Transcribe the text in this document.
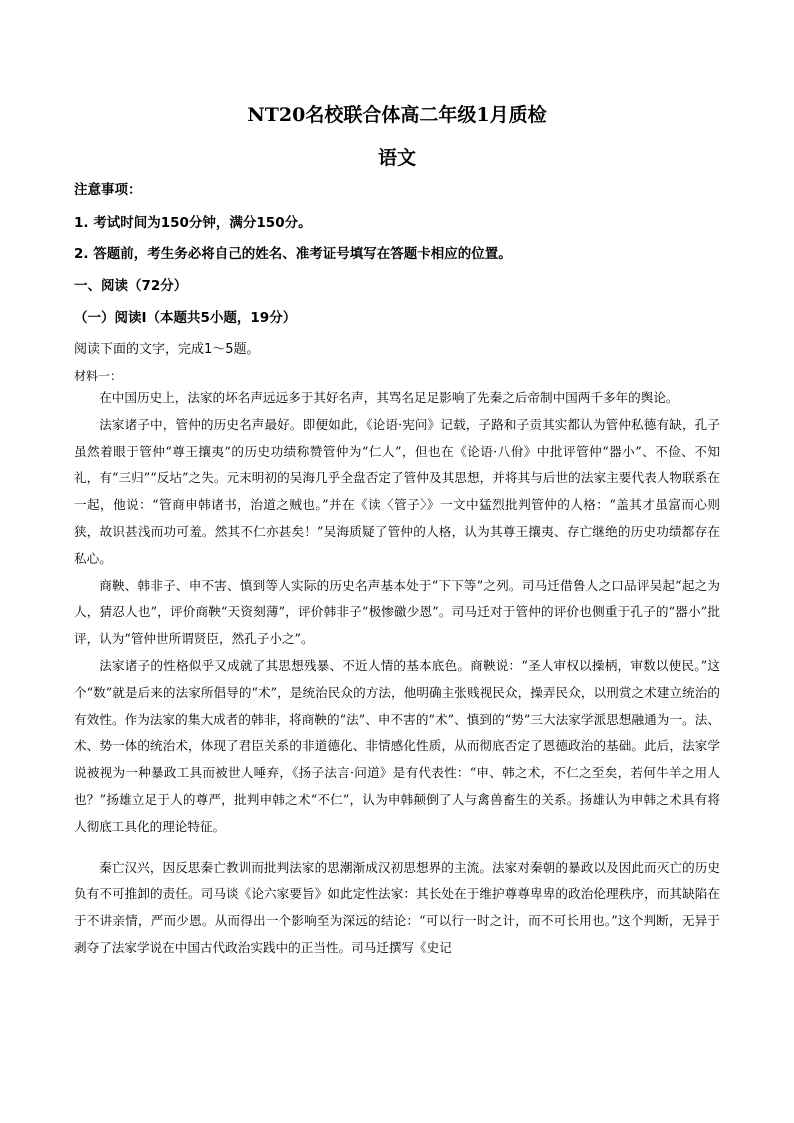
NT20名校联合体高二年级1月质检
语文
注意事项：
1. 考试时间为150分钟，满分150分。
2. 答题前，考生务必将自己的姓名、准考证号填写在答题卡相应的位置。
一、阅读（72分）
（一）阅读Ⅰ（本题共5小题，19分）
阅读下面的文字，完成1～5题。
材料一：

在中国历史上，法家的坏名声远远多于其好名声，其骂名足足影响了先秦之后帝制中国两千多年的舆论。

法家诸子中，管仲的历史名声最好。即便如此，《论语·宪问》记载，子路和子贡其实都认为管仲私德有缺，孔子虽然着眼于管仲“尊王攘夷”的历史功绩称赞管仲为“仁人”，但也在《论语·八佾》中批评管仲“器小”、不俭、不知礼，有“三归”“反坫”之失。元末明初的吴海几乎全盘否定了管仲及其思想，并将其与后世的法家主要代表人物联系在一起，他说：“管商申韩诸书，治道之贼也。”并在《读〈管子〉》一文中猛烈批判管仲的人格：“盖其才虽富而心则狭，故识甚浅而功可羞。然其不仁亦甚矣！”吴海质疑了管仲的人格，认为其尊王攘夷、存亡继绝的历史功绩都存在私心。

商鞅、韩非子、申不害、慎到等人实际的历史名声基本处于“下下等”之列。司马迁借鲁人之口品评吴起“起之为人，猜忍人也”，评价商鞅“天资刻薄”，评价韩非子“极惨礉少恩”。司马迁对于管仲的评价也侧重于孔子的“器小”批评，认为“管仲世所谓贤臣，然孔子小之”。

法家诸子的性格似乎又成就了其思想残暴、不近人情的基本底色。商鞅说：“圣人审权以操柄，审数以使民。”这个“数”就是后来的法家所倡导的“术”，是统治民众的方法，他明确主张贱视民众，操弄民众，以刑赏之术建立统治的有效性。作为法家的集大成者的韩非，将商鞅的“法”、申不害的“术”、慎到的“势”三大法家学派思想融通为一。法、术、势一体的统治术，体现了君臣关系的非道德化、非情感化性质，从而彻底否定了恩德政治的基础。此后，法家学说被视为一种暴政工具而被世人唾弃，《扬子法言·问道》是有代表性：“申、韩之术，不仁之至矣，若何牛羊之用人也？”扬雄立足于人的尊严，批判申韩之术“不仁”，认为申韩颠倒了人与禽兽畜生的关系。扬雄认为申韩之术具有将人彻底工具化的理论特征。

秦亡汉兴，因反思秦亡教训而批判法家的思潮渐成汉初思想界的主流。法家对秦朝的暴政以及因此而灭亡的历史负有不可推卸的责任。司马谈《论六家要旨》如此定性法家：其长处在于维护尊尊卑卑的政治伦理秩序，而其缺陷在于不讲亲情，严而少恩。从而得出一个影响至为深远的结论：“可以行一时之计，而不可长用也。”这个判断，无异于剥夺了法家学说在中国古代政治实践中的正当性。司马迁撰写《史记
